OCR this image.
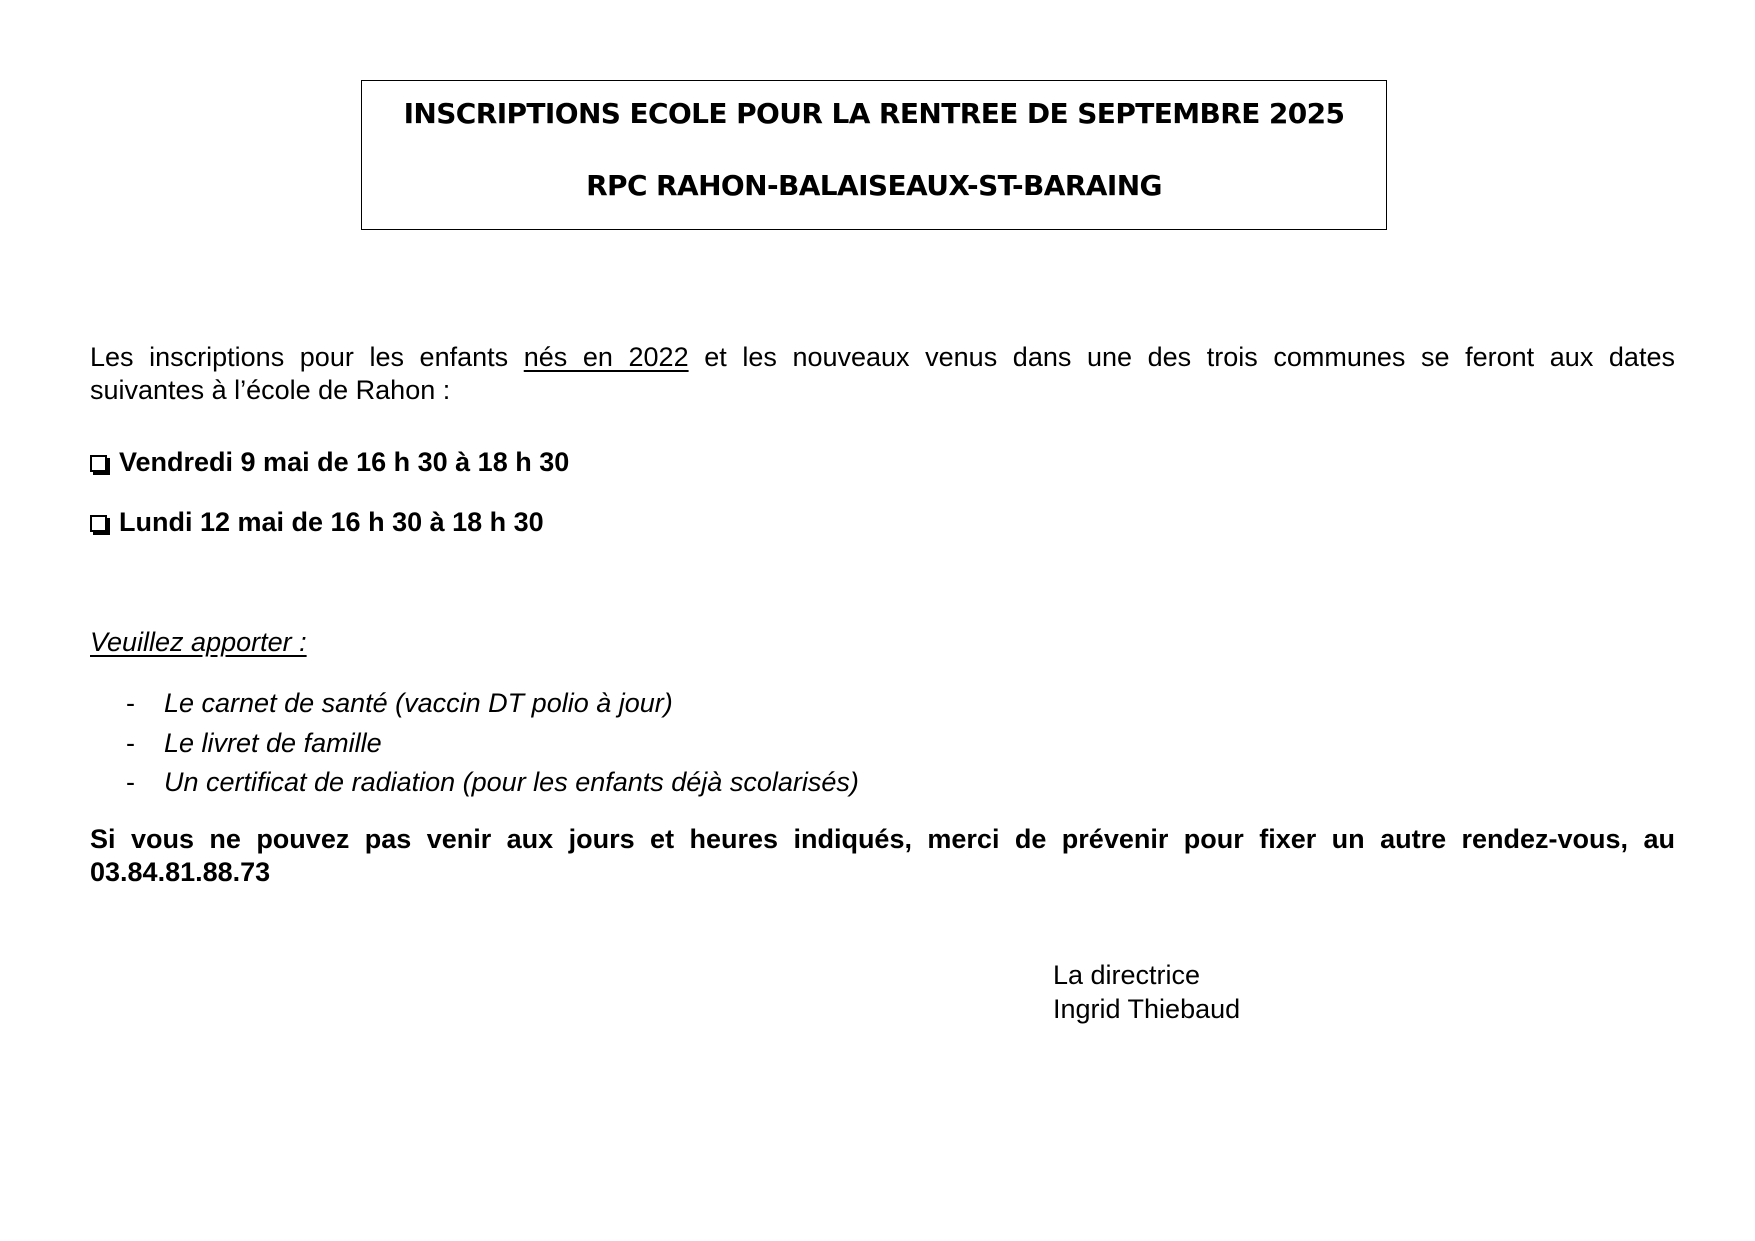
INSCRIPTIONS ECOLE POUR LA RENTREE DE SEPTEMBRE 2025
RPC RAHON-BALAISEAUX-ST-BARAING
Les inscriptions pour les enfants nés en 2022 et les nouveaux venus dans une des trois communes se feront aux dates
suivantes à l’école de Rahon :
Vendredi 9 mai de 16 h 30 à 18 h 30
Lundi 12 mai de 16 h 30 à 18 h 30
Veuillez apporter :
-	Le carnet de santé (vaccin DT polio à jour)
-	Le livret de famille
-	Un certificat de radiation (pour les enfants déjà scolarisés)
Si vous ne pouvez pas venir aux jours et heures indiqués, merci de prévenir pour fixer un autre rendez-vous, au
03.84.81.88.73
La directrice
Ingrid Thiebaud
